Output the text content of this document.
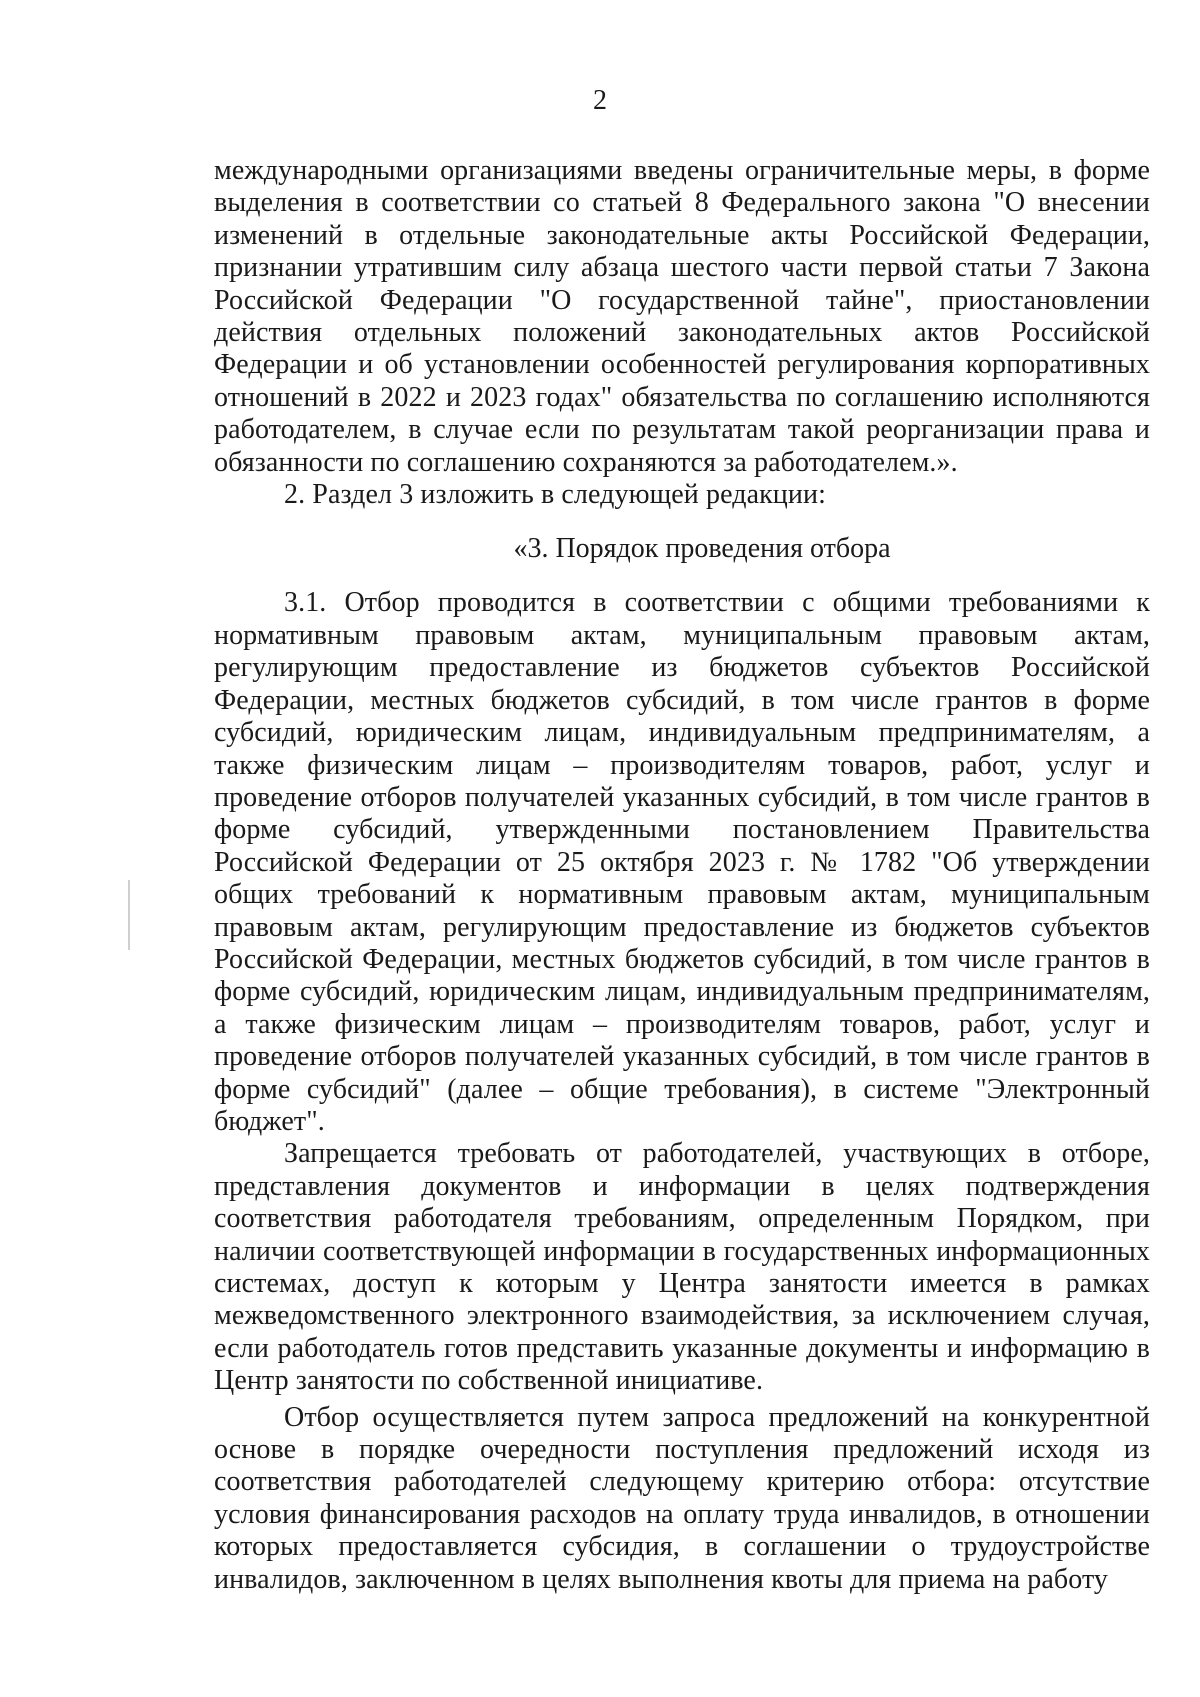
2

международными организациями введены ограничительные меры, в форме выделения в соответствии со статьей 8 Федерального закона "О внесении изменений в отдельные законодательные акты Российской Федерации, признании утратившим силу абзаца шестого части первой статьи 7 Закона Российской Федерации "О государственной тайне", приостановлении действия отдельных положений законодательных актов Российской Федерации и об установлении особенностей регулирования корпоративных отношений в 2022 и 2023 годах" обязательства по соглашению исполняются работодателем, в случае если по результатам такой реорганизации права и обязанности по соглашению сохраняются за работодателем.».

2. Раздел 3 изложить в следующей редакции:

«3. Порядок проведения отбора

3.1. Отбор проводится в соответствии с общими требованиями к нормативным правовым актам, муниципальным правовым актам, регулирующим предоставление из бюджетов субъектов Российской Федерации, местных бюджетов субсидий, в том числе грантов в форме субсидий, юридическим лицам, индивидуальным предпринимателям, а также физическим лицам – производителям товаров, работ, услуг и проведение отборов получателей указанных субсидий, в том числе грантов в форме субсидий, утвержденными постановлением Правительства Российской Федерации от 25 октября 2023 г. № 1782 "Об утверждении общих требований к нормативным правовым актам, муниципальным правовым актам, регулирующим предоставление из бюджетов субъектов Российской Федерации, местных бюджетов субсидий, в том числе грантов в форме субсидий, юридическим лицам, индивидуальным предпринимателям, а также физическим лицам – производителям товаров, работ, услуг и проведение отборов получателей указанных субсидий, в том числе грантов в форме субсидий" (далее – общие требования), в системе "Электронный бюджет".

Запрещается требовать от работодателей, участвующих в отборе, представления документов и информации в целях подтверждения соответствия работодателя требованиям, определенным Порядком, при наличии соответствующей информации в государственных информационных системах, доступ к которым у Центра занятости имеется в рамках межведомственного электронного взаимодействия, за исключением случая, если работодатель готов представить указанные документы и информацию в Центр занятости по собственной инициативе.

Отбор осуществляется путем запроса предложений на конкурентной основе в порядке очередности поступления предложений исходя из соответствия работодателей следующему критерию отбора: отсутствие условия финансирования расходов на оплату труда инвалидов, в отношении которых предоставляется субсидия, в соглашении о трудоустройстве инвалидов, заключенном в целях выполнения квоты для приема на работу
